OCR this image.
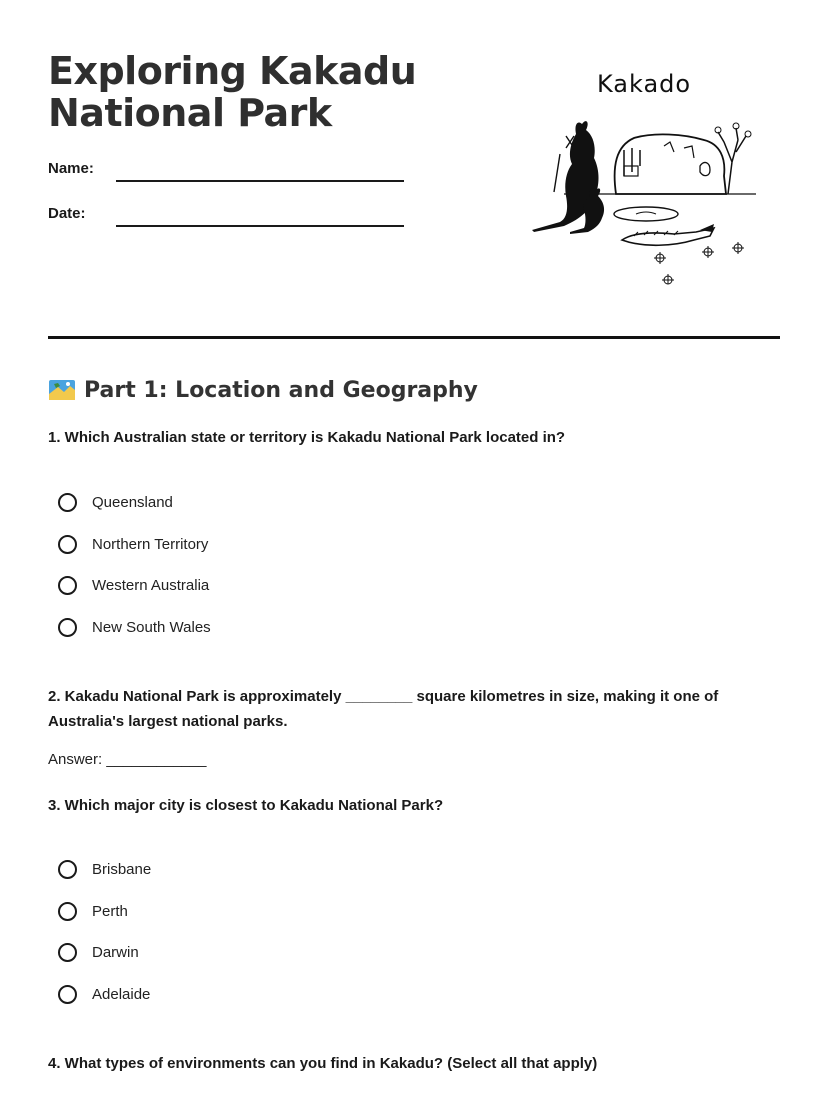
Exploring Kakadu
National Park
Name:
Date:
Kakado
Part 1: Location and Geography
1. Which Australian state or territory is Kakadu National Park located in?
Queensland
Northern Territory
Western Australia
New South Wales
2. Kakadu National Park is approximately ________ square kilometres in size, making it one of Australia's largest national parks.
Answer: ____________
3. Which major city is closest to Kakadu National Park?
Brisbane
Perth
Darwin
Adelaide
4. What types of environments can you find in Kakadu? (Select all that apply)
